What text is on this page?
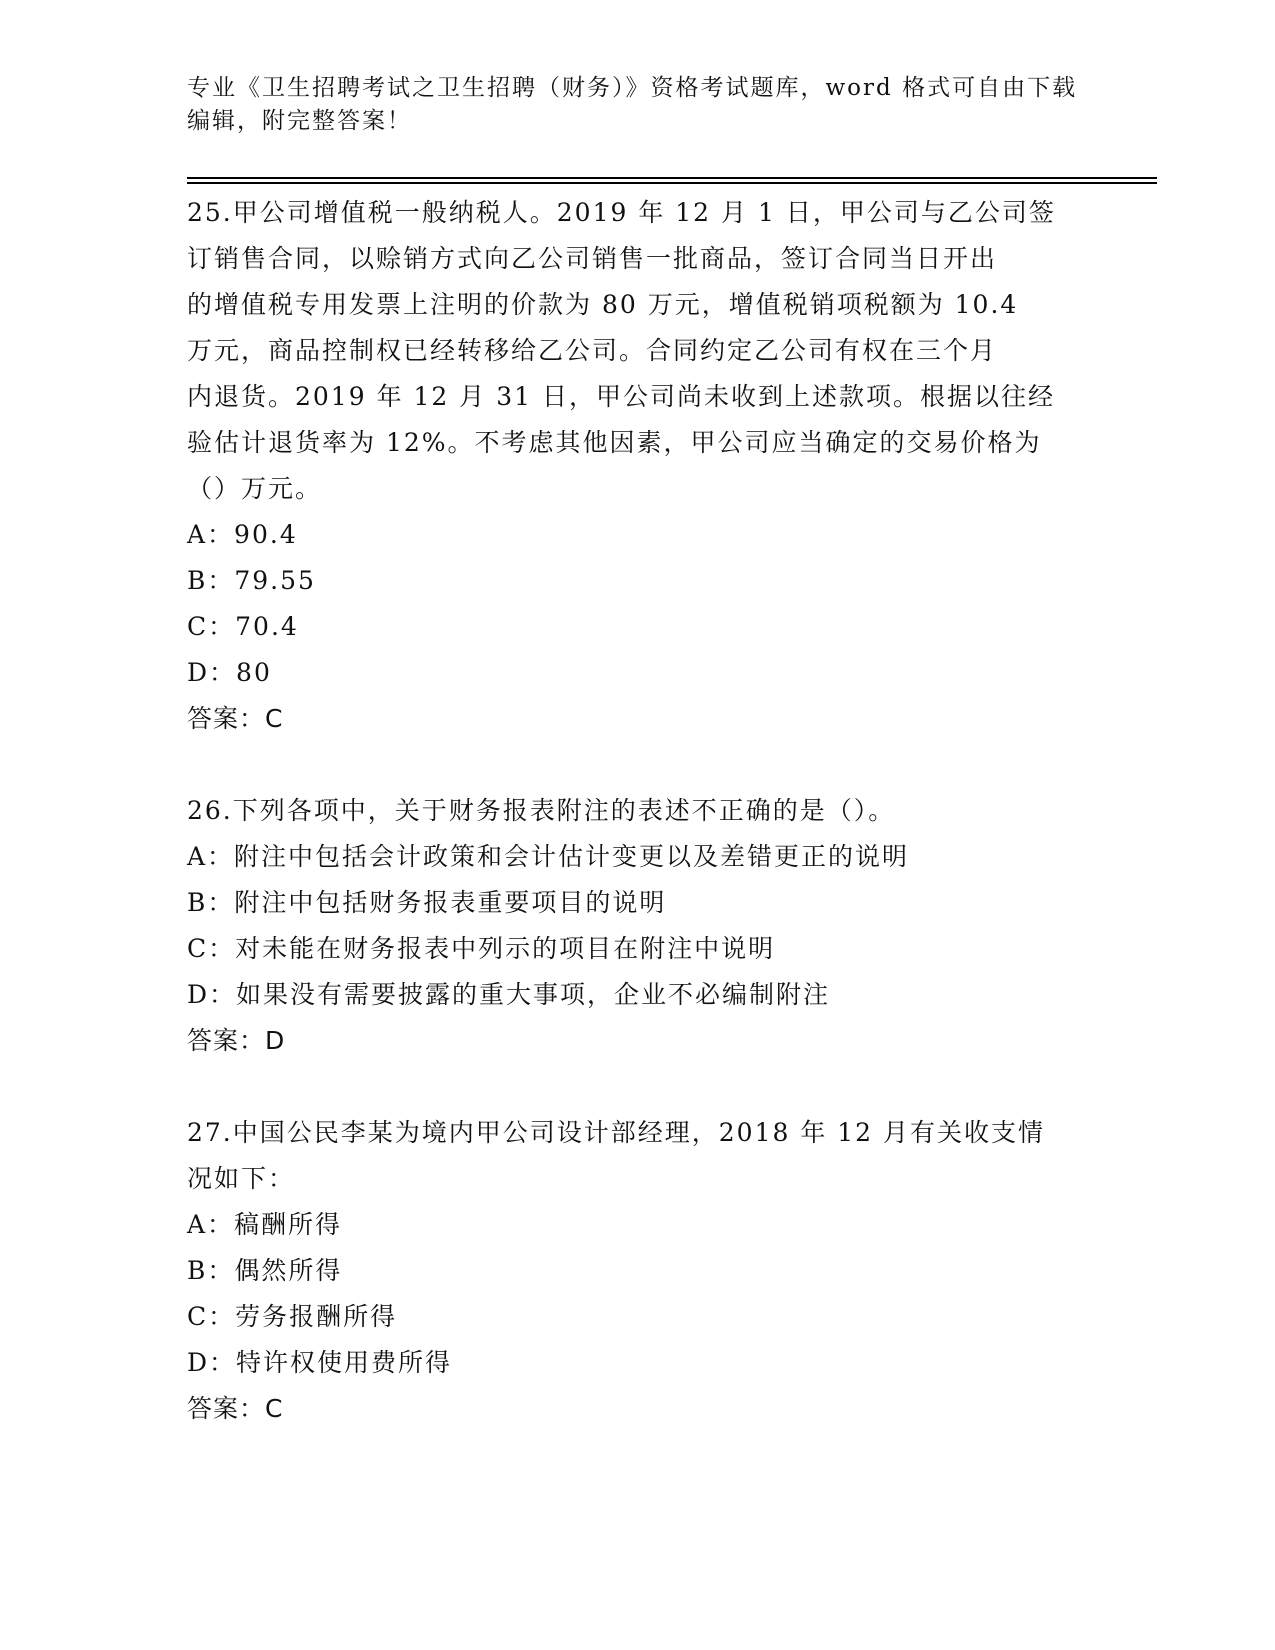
专业《卫生招聘考试之卫生招聘（财务）》资格考试题库，word 格式可自由下载
编辑，附完整答案！
25.甲公司增值税一般纳税人。2019 年 12 月 1 日，甲公司与乙公司签
订销售合同，以赊销方式向乙公司销售一批商品，签订合同当日开出
的增值税专用发票上注明的价款为 80 万元，增值税销项税额为 10.4
万元，商品控制权已经转移给乙公司。合同约定乙公司有权在三个月
内退货。2019 年 12 月 31 日，甲公司尚未收到上述款项。根据以往经
验估计退货率为 12%。不考虑其他因素，甲公司应当确定的交易价格为
（）万元。
A：90.4
B：79.55
C：70.4
D：80
答案：C
26.下列各项中，关于财务报表附注的表述不正确的是（）。
A：附注中包括会计政策和会计估计变更以及差错更正的说明
B：附注中包括财务报表重要项目的说明
C：对未能在财务报表中列示的项目在附注中说明
D：如果没有需要披露的重大事项，企业不必编制附注
答案：D
27.中国公民李某为境内甲公司设计部经理，2018 年 12 月有关收支情
况如下：
A：稿酬所得
B：偶然所得
C：劳务报酬所得
D：特许权使用费所得
答案：C
